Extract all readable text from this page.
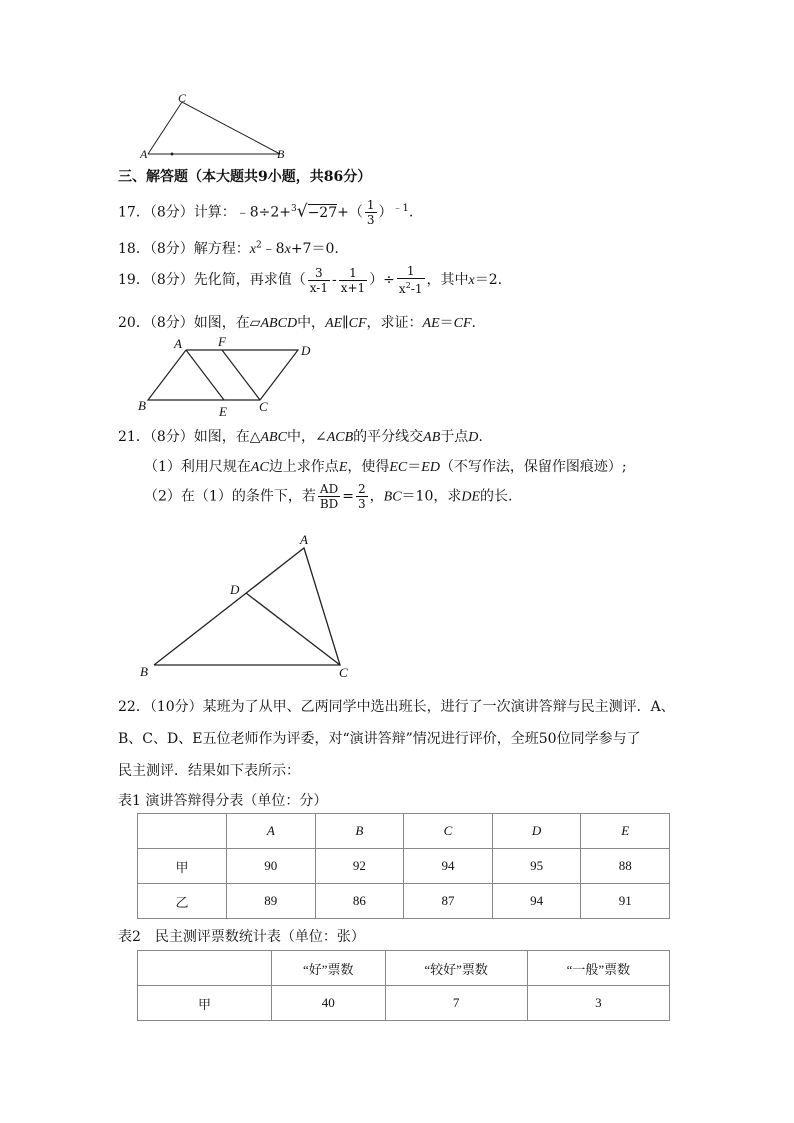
C
A	B
三、解答题（本大题共9小题，共86分）
17．（8分）计算：﹣8÷2+$^3$√−27+（ $\frac{1}{3} )^{﹣1}$.
18．（8分）解方程：$x^2﹣8x+7=0$.
19．（8分）先化简，再求值（ $\frac{3}{x-1} - \frac{1}{x+1}$ ）÷ $\frac{1}{x^2-1}$ ，其中x＝2.
20．（8分）如图，在▱ABCD中，AE∥CF，求证：AE＝CF.
A	F
D
B	E C
21．（8分）如图，在△ABC中，∠ACB的平分线交AB于点D.
（1）利用尺规在AC边上求作点E，使得EC＝ED（不写作法，保留作图痕迹）;
（2）在（1）的条件下，若 $\frac{AD}{BD} = \frac{2}{3}$ ，BC＝10，求DE的长.
A
D
B	C
22．（10分）某班为了从甲、乙两同学中选出班长，进行了一次演讲答辩与民主测评．A、
B、C、D、E五位老师作为评委，对“演讲答辩”情况进行评价，全班50位同学参与了
民主测评．结果如下表所示：
表1 演讲答辩得分表（单位：分）
	A	B	C	D	E
甲	90	92	94	95	88
乙	89	86	87	94	91
表2　民主测评票数统计表（单位：张）
	“好”票数	“较好”票数	“一般”票数
甲	40	7	3
